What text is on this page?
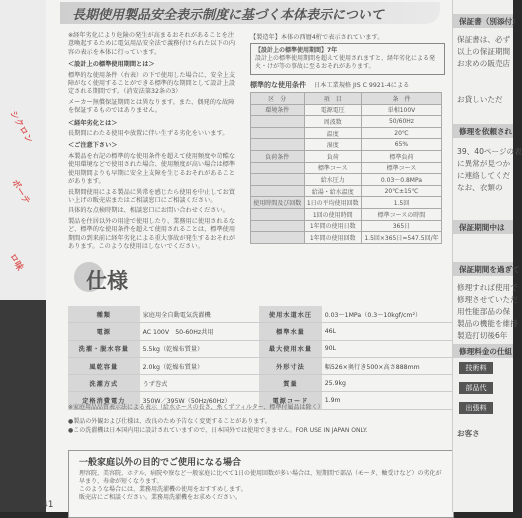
シクロン
ボーテ
ロ味
長期使用製品安全表示制度に基づく本体表示について

※経年劣化により危険の発生が高まるおそれがあることを注意喚起するために電気用品安全法で義務付けられた以下の内容の表示を本体に行っています。

＜設計上の標準使用期間とは＞

標準的な使用条件（右表）の下で使用した場合に、安全上支障がなく使用することができる標準的な期間として設計上設定される期間です。（消安法第32条の3）

メーカー無償保証期間とは異なります。また、偶発的な故障を保証するものではありません。

＜経年劣化とは＞

長期間にわたる使用や放置に伴い生ずる劣化をいいます。

＜ご注意下さい＞

本製品を右記の標準的な使用条件を超えて使用頻度や苛酷な使用環境などで使用された場合、使用頻度が高い場合は標準使用期間よりも早期に安全上支障を生じるおそれがあることがあります。

長期間使用による製品に異常を感じたら使用を中止してお買い上げの販売店またはご相談窓口にご相談ください。

具体的な点検時期は、相談窓口にお問い合わせください。

製品を住居以外の用途で使用したり、業務用に使用されるなど、標準的な使用条件を超えて使用されることは、標準使用期間の到来前に経年劣化による重大事故が発生するおそれがあります。このような使用はしないでください。

【製造年】本体の西暦4桁で表示されています。
【設計上の標準使用期間】7年
設計上の標準使用期間を超えて使用されますと、経年劣化による発火・けが等の事故に至るおそれがあります。
標準的な使用条件 日本工業規格 JIS C 9921-4による
区　分	項　目	条　件
環境条件	電源電圧	単相100V
	周波数	50/60Hz
	温度	20℃
	湿度	65%
負荷条件	負荷	標準負荷
	標準コース	標準コース
	給水圧力	0.03〜0.8MPa
	給湯・給水温度	20℃±15℃
使用時間及び回数	1日の平均使用回数	1.5回
	1回の使用時間	標準コースの時間
	1年間の使用日数	365日
	1年間の使用回数	1.5回×365日=547.5回/年
仕様
種類	家庭用全自動電気洗濯機	使用水道水圧	0.03〜1MPa（0.3〜10kgf/cm²）
電源	AC 100V　50-60Hz共用	標準水量	46L
洗濯・脱水容量	5.5kg（乾燥布質量）	最大使用水量	90L
風乾容量	2.0kg（乾燥布質量）	外形寸法	幅526×奥行き500×高さ888mm
洗濯方式	うず巻式	質量	25.9kg
定格消費電力	350W／395W（50Hz/60Hz）	電源コード	1.9m
※家庭用品品質表示法による表示（給水ホースの長さ、糸くずフィルター、標準付属品は除く）
●製品の外観および仕様は、改良のため予告なく変更することがあります。
●この洗濯機は日本国内用に設計されていますので、日本国外では使用できません。FOR USE IN JAPAN ONLY.
一般家庭以外の目的でご使用になる場合
理容院、美容院、ホテル、病院や寮など一般家庭に比べて1日の使用回数が多い場合は、短期間で部品（モータ、軸受けなど）の劣化が早まり、寿命が短くなります。
このような場合には、業務用洗濯機の使用をおすすめします。
販売店にご相談ください。業務用洗濯機をお求めください。
41
保証書（別添付）
保証書は、必ず
以上の保証期間
お求めの販売店
お貸しいただ
修理を依頼され
39、40ページの表
に異常が見つか
に連絡してくだ
なお、衣類の
保証期間中は
保証期間を過ぎて
修理すれば使用で
修理させていただ
用性能部品の保
製品の機能を維持
製造打切後6年
修理料金の仕組
技術料
部品代
出張料
お客さ
